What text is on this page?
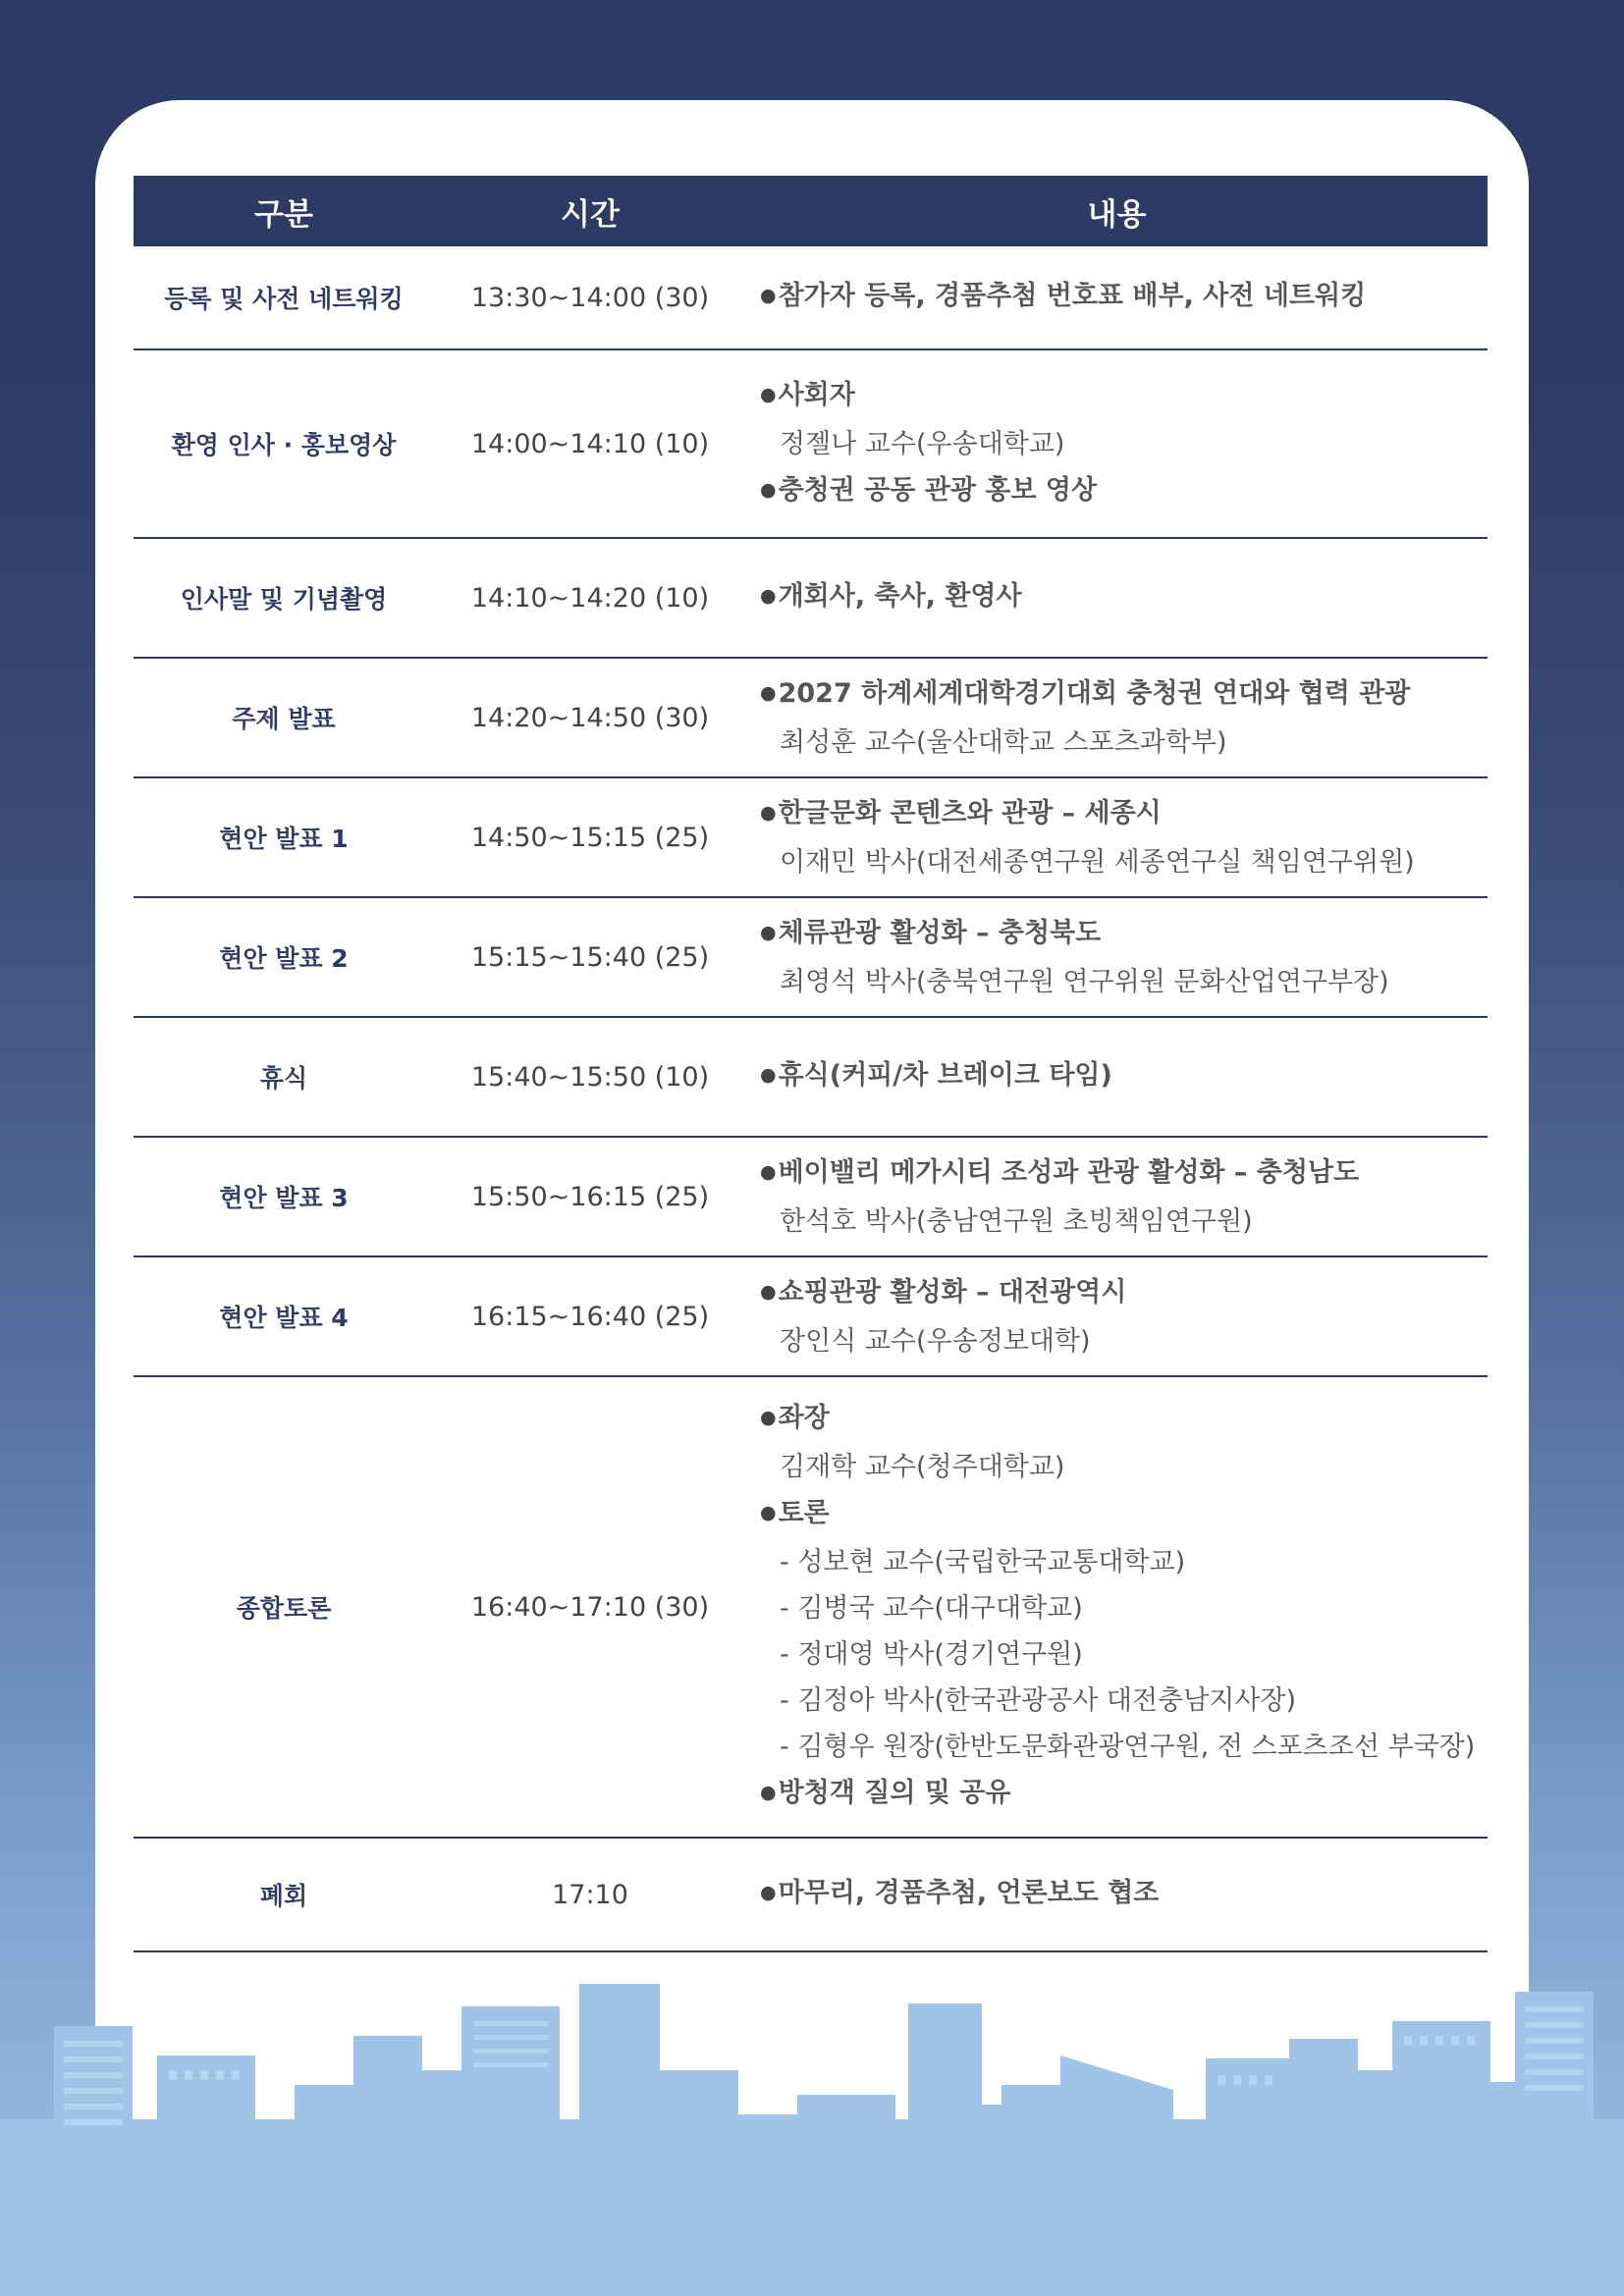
구분	시간	내용
등록 및 사전 네트워킹	13:30~14:00 (30)	● 참가자 등록, 경품추첨 번호표 배부, 사전 네트워킹
환영 인사 · 홍보영상	14:00~14:10 (10)
● 사회자
정젤나 교수(우송대학교)
● 충청권 공동 관광 홍보 영상
인사말 및 기념촬영	14:10~14:20 (10)	● 개회사, 축사, 환영사
주제 발표	14:20~14:50 (30)
● 2027 하계세계대학경기대회 충청권 연대와 협력 관광
최성훈 교수(울산대학교 스포츠과학부)
현안 발표 1	14:50~15:15 (25)
● 한글문화 콘텐츠와 관광 – 세종시
이재민 박사(대전세종연구원 세종연구실 책임연구위원)
현안 발표 2	15:15~15:40 (25)
● 체류관광 활성화 – 충청북도
최영석 박사(충북연구원 연구위원 문화산업연구부장)
휴식	15:40~15:50 (10)	● 휴식(커피/차 브레이크 타임)
현안 발표 3	15:50~16:15 (25)
● 베이밸리 메가시티 조성과 관광 활성화 – 충청남도
한석호 박사(충남연구원 초빙책임연구원)
현안 발표 4	16:15~16:40 (25)
● 쇼핑관광 활성화 – 대전광역시
장인식 교수(우송정보대학)
종합토론	16:40~17:10 (30)
● 좌장
김재학 교수(청주대학교)
● 토론
- 성보현 교수(국립한국교통대학교)
- 김병국 교수(대구대학교)
- 정대영 박사(경기연구원)
- 김정아 박사(한국관광공사 대전충남지사장)
- 김형우 원장(한반도문화관광연구원, 전 스포츠조선 부국장)
● 방청객 질의 및 공유
폐회	17:10	● 마무리, 경품추첨, 언론보도 협조
